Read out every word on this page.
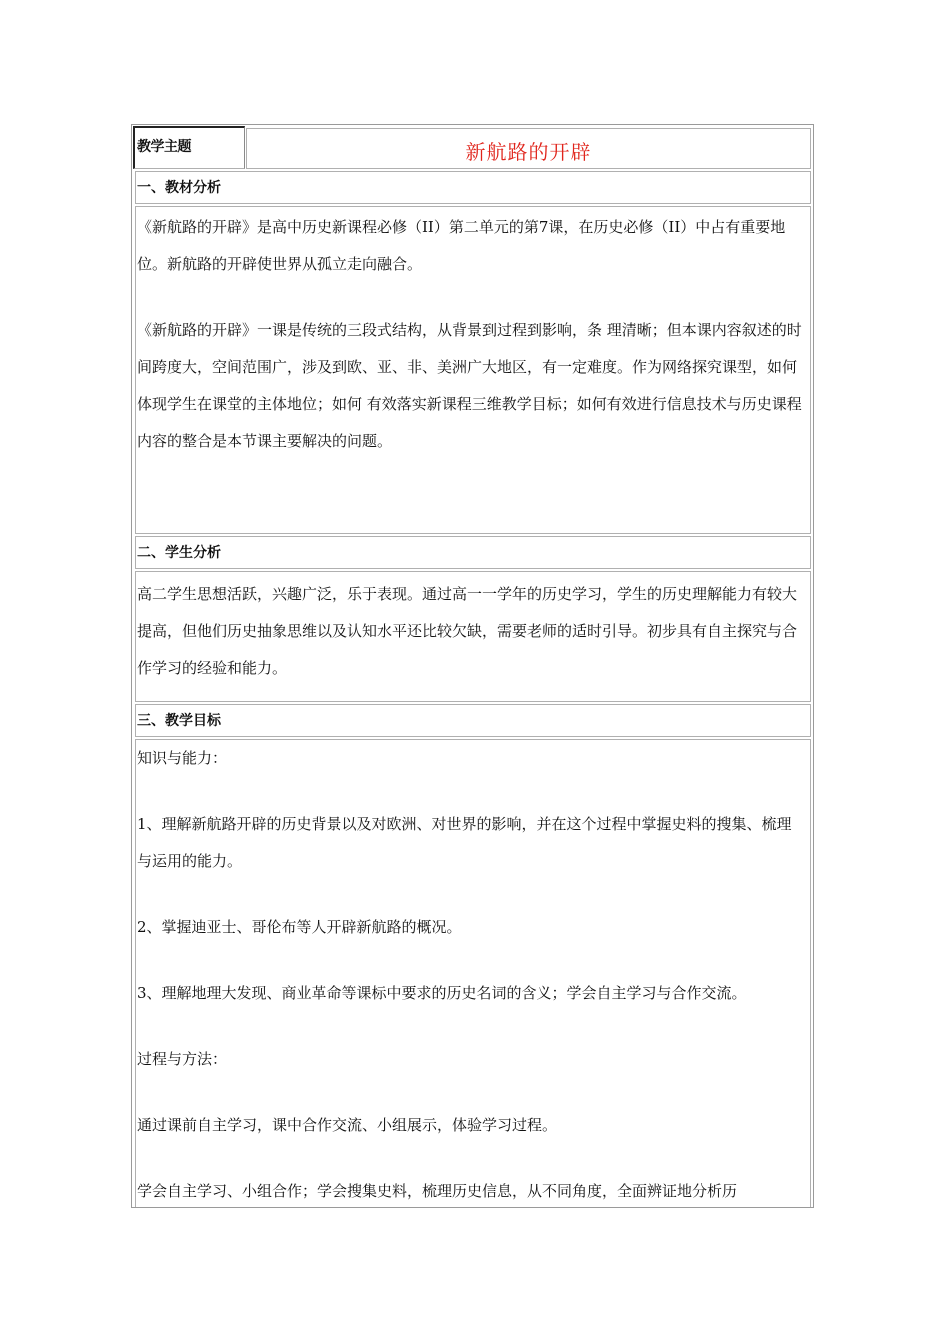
教学主题	新航路的开辟
一、教材分析

《新航路的开辟》是高中历史新课程必修（II）第二单元的第7课，在历史必修（II）中占有重要地位。新航路的开辟使世界从孤立走向融合。

《新航路的开辟》一课是传统的三段式结构，从背景到过程到影响，条 理清晰；但本课内容叙述的时间跨度大，空间范围广，涉及到欧、亚、非、美洲广大地区，有一定难度。作为网络探究课型，如何体现学生在课堂的主体地位；如何 有效落实新课程三维教学目标；如何有效进行信息技术与历史课程内容的整合是本节课主要解决的问题。

二、学生分析

高二学生思想活跃，兴趣广泛，乐于表现。通过高一一学年的历史学习，学生的历史理解能力有较大提高，但他们历史抽象思维以及认知水平还比较欠缺，需要老师的适时引导。初步具有自主探究与合作学习的经验和能力。

三、教学目标

知识与能力：

1、理解新航路开辟的历史背景以及对欧洲、对世界的影响，并在这个过程中掌握史料的搜集、梳理与运用的能力。

2、掌握迪亚士、哥伦布等人开辟新航路的概况。

3、理解地理大发现、商业革命等课标中要求的历史名词的含义；学会自主学习与合作交流。

过程与方法：

通过课前自主学习，课中合作交流、小组展示，体验学习过程。

学会自主学习、小组合作；学会搜集史料，梳理历史信息，从不同角度，全面辨证地分析历
